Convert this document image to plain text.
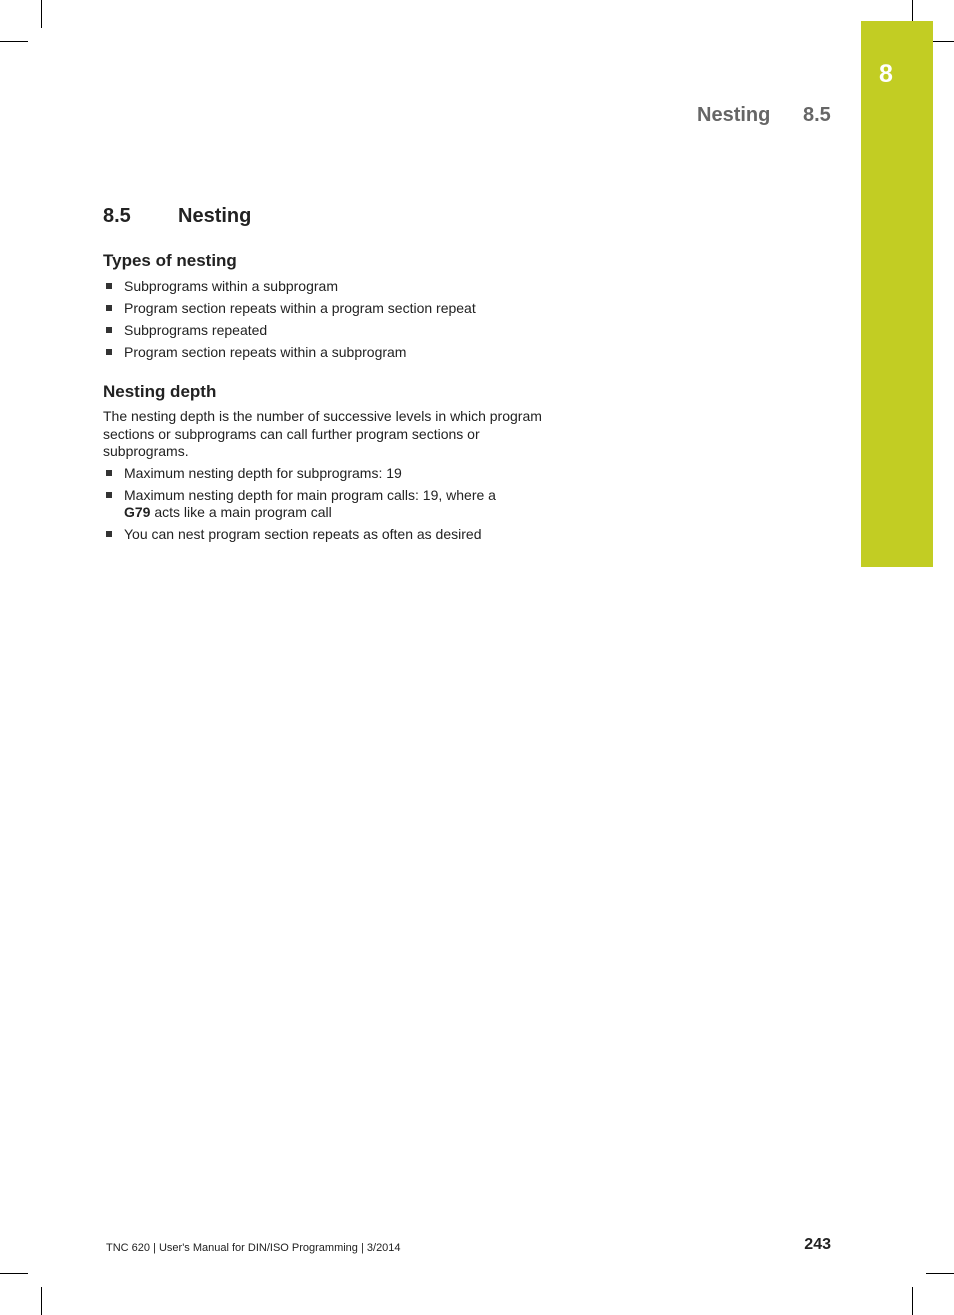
8
Nesting 8.5
8.5 Nesting
Types of nesting
Subprograms within a subprogram
Program section repeats within a program section repeat
Subprograms repeated
Program section repeats within a subprogram
Nesting depth

The nesting depth is the number of successive levels in which program sections or subprograms can call further program sections or subprograms.

Maximum nesting depth for subprograms: 19
Maximum nesting depth for main program calls: 19, where a
G79 acts like a main program call
You can nest program section repeats as often as desired
TNC 620 | User's Manual for DIN/ISO Programming | 3/2014	243
